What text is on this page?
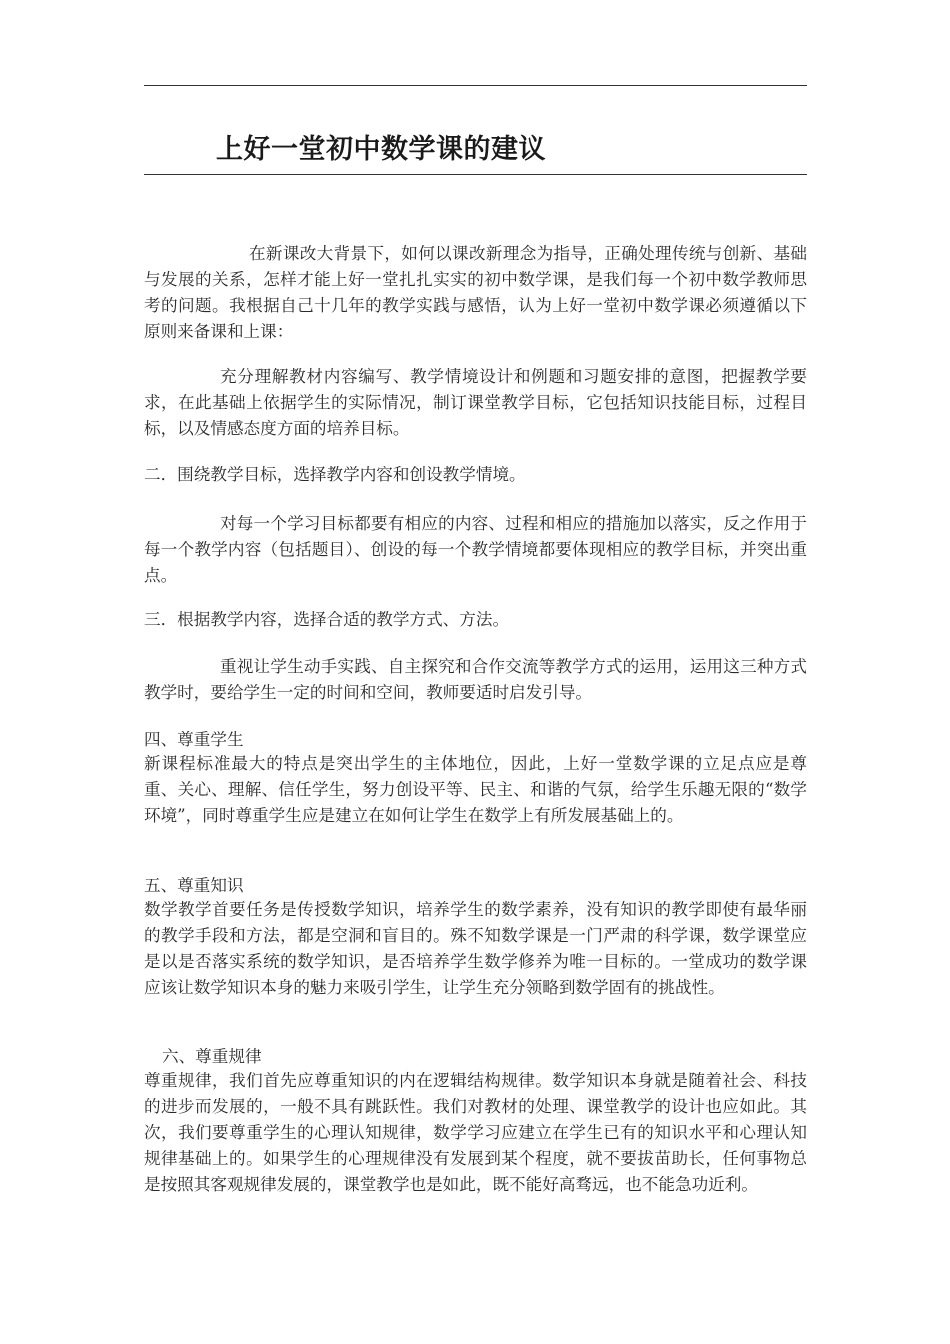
上好一堂初中数学课的建议
在新课改大背景下，如何以课改新理念为指导，正确处理传统与创新、基础与发展的关系，怎样才能上好一堂扎扎实实的初中数学课，是我们每一个初中数学教师思考的问题。我根据自己十几年的教学实践与感悟，认为上好一堂初中数学课必须遵循以下原则来备课和上课：
充分理解教材内容编写、教学情境设计和例题和习题安排的意图，把握教学要求，在此基础上依据学生的实际情况，制订课堂教学目标，它包括知识技能目标，过程目标，以及情感态度方面的培养目标。
二．围绕教学目标，选择教学内容和创设教学情境。
对每一个学习目标都要有相应的内容、过程和相应的措施加以落实，反之作用于每一个教学内容（包括题目）、创设的每一个教学情境都要体现相应的教学目标，并突出重点。
三．根据教学内容，选择合适的教学方式、方法。
重视让学生动手实践、自主探究和合作交流等教学方式的运用，运用这三种方式教学时，要给学生一定的时间和空间，教师要适时启发引导。
四、尊重学生
新课程标准最大的特点是突出学生的主体地位，因此，上好一堂数学课的立足点应是尊重、关心、理解、信任学生，努力创设平等、民主、和谐的气氛，给学生乐趣无限的“数学环境”，同时尊重学生应是建立在如何让学生在数学上有所发展基础上的。
五、尊重知识
数学教学首要任务是传授数学知识，培养学生的数学素养，没有知识的教学即使有最华丽的教学手段和方法，都是空洞和盲目的。殊不知数学课是一门严肃的科学课，数学课堂应是以是否落实系统的数学知识，是否培养学生数学修养为唯一目标的。一堂成功的数学课应该让数学知识本身的魅力来吸引学生，让学生充分领略到数学固有的挑战性。
六、尊重规律
尊重规律，我们首先应尊重知识的内在逻辑结构规律。数学知识本身就是随着社会、科技的进步而发展的，一般不具有跳跃性。我们对教材的处理、课堂教学的设计也应如此。其次，我们要尊重学生的心理认知规律，数学学习应建立在学生已有的知识水平和心理认知规律基础上的。如果学生的心理规律没有发展到某个程度，就不要拔苗助长，任何事物总是按照其客观规律发展的，课堂教学也是如此，既不能好高骛远，也不能急功近利。
